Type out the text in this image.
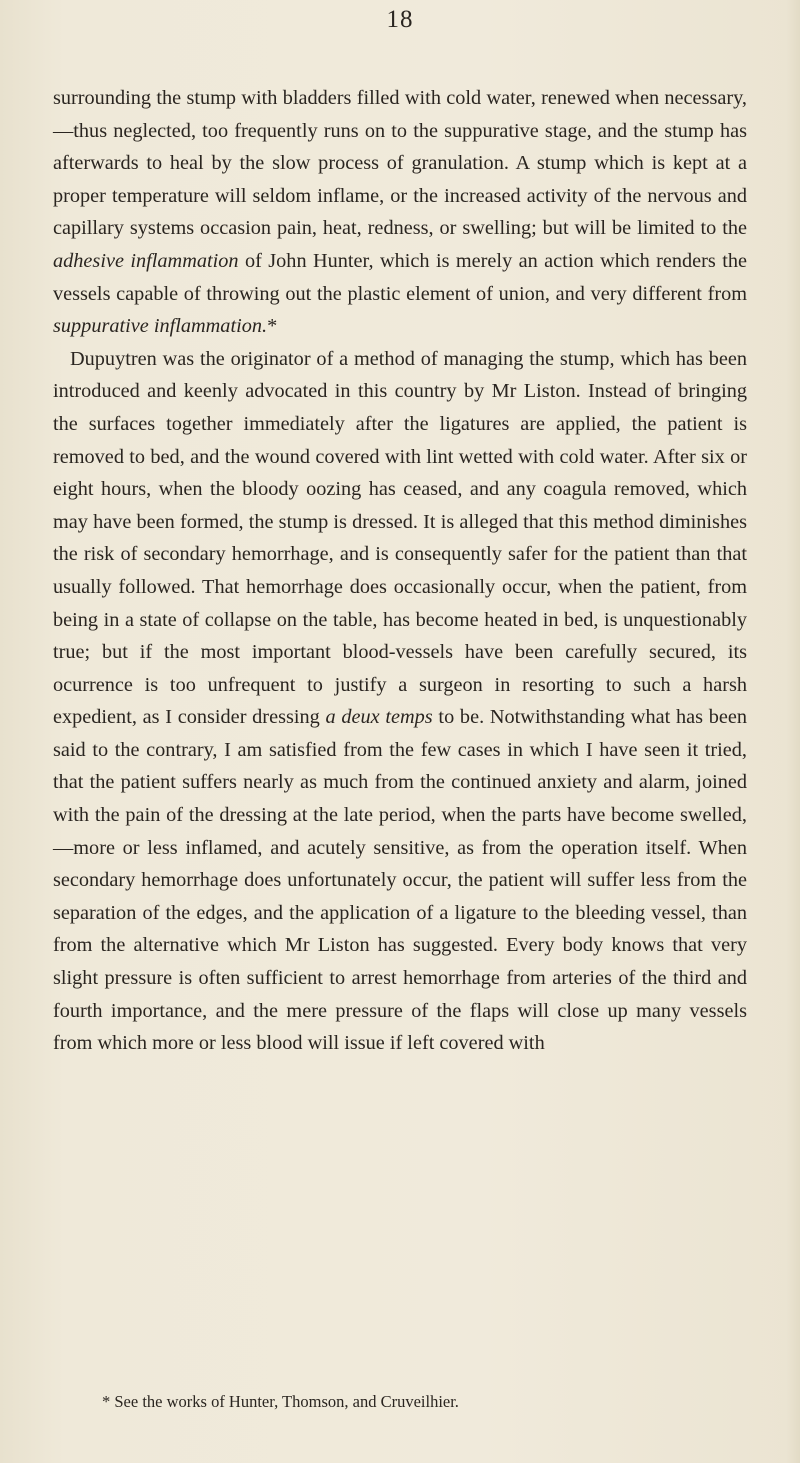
18

surrounding the stump with bladders filled with cold water, renewed when necessary,—thus neglected, too frequently runs on to the suppurative stage, and the stump has afterwards to heal by the slow process of granulation. A stump which is kept at a proper temperature will seldom inflame, or the increased activity of the nervous and capillary systems occasion pain, heat, redness, or swelling; but will be limited to the adhesive inflammation of John Hunter, which is merely an action which renders the vessels capable of throwing out the plastic element of union, and very different from suppurative inflammation.*

Dupuytren was the originator of a method of managing the stump, which has been introduced and keenly advocated in this country by Mr Liston. Instead of bringing the surfaces together immediately after the ligatures are applied, the patient is removed to bed, and the wound covered with lint wetted with cold water. After six or eight hours, when the bloody oozing has ceased, and any coagula removed, which may have been formed, the stump is dressed. It is alleged that this method diminishes the risk of secondary hemorrhage, and is consequently safer for the patient than that usually followed. That hemorrhage does occasionally occur, when the patient, from being in a state of collapse on the table, has become heated in bed, is unquestionably true; but if the most important blood-vessels have been carefully secured, its ocurrence is too unfrequent to justify a surgeon in resorting to such a harsh expedient, as I consider dressing a deux temps to be. Notwithstanding what has been said to the contrary, I am satisfied from the few cases in which I have seen it tried, that the patient suffers nearly as much from the continued anxiety and alarm, joined with the pain of the dressing at the late period, when the parts have become swelled,—more or less inflamed, and acutely sensitive, as from the operation itself. When secondary hemorrhage does unfortunately occur, the patient will suffer less from the separation of the edges, and the application of a ligature to the bleeding vessel, than from the alternative which Mr Liston has suggested. Every body knows that very slight pressure is often sufficient to arrest hemorrhage from arteries of the third and fourth importance, and the mere pressure of the flaps will close up many vessels from which more or less blood will issue if left covered with

* See the works of Hunter, Thomson, and Cruveilhier.
